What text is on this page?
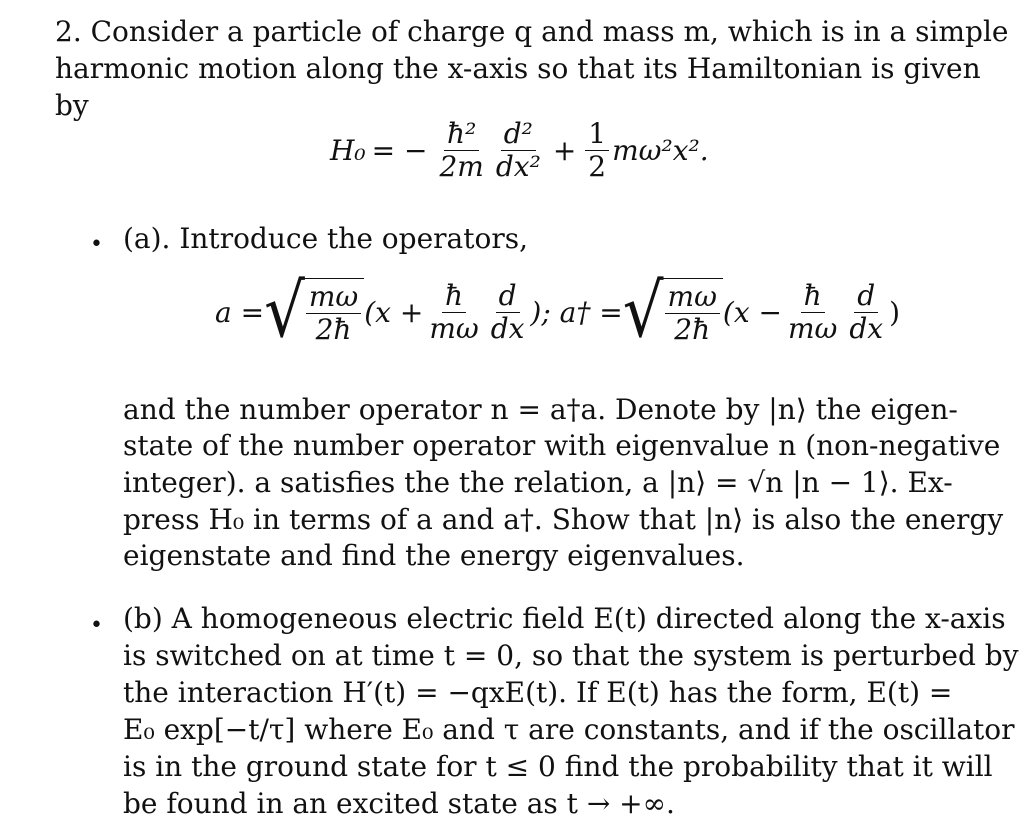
2. Consider a particle of charge q and mass m, which is in a simple
harmonic motion along the x-axis so that its Hamiltonian is given
by
H₀ = − $\frac{\text{ħ²}}{2m} \frac{\text{d²}}{\text{dx²}} + \frac{1}{2} m\omega^2x^2$.
• (a). Introduce the operators,
a = √ $\frac{m\omega}{2ħ} (x + \frac{ħ}{m\omega} \frac{d}{dx}$ ); a† = √ $\frac{m\omega}{2ħ} (x - \frac{ħ}{m\omega} \frac{d}{dx}$ )
and the number operator n = a†a. Denote by |n⟩ the eigen-
state of the number operator with eigenvalue n (non-negative
integer). a satisfies the the relation, a |n⟩ = √n |n − 1⟩. Ex-
press H₀ in terms of a and a†. Show that |n⟩ is also the energy
eigenstate and find the energy eigenvalues.
• (b) A homogeneous electric field E(t) directed along the x-axis
is switched on at time t = 0, so that the system is perturbed by
the interaction H′(t) = −qxE(t). If E(t) has the form, E(t) =
E₀ exp[−t/τ] where E₀ and τ are constants, and if the oscillator
is in the ground state for t ≤ 0 find the probability that it will
be found in an excited state as t → +∞.
